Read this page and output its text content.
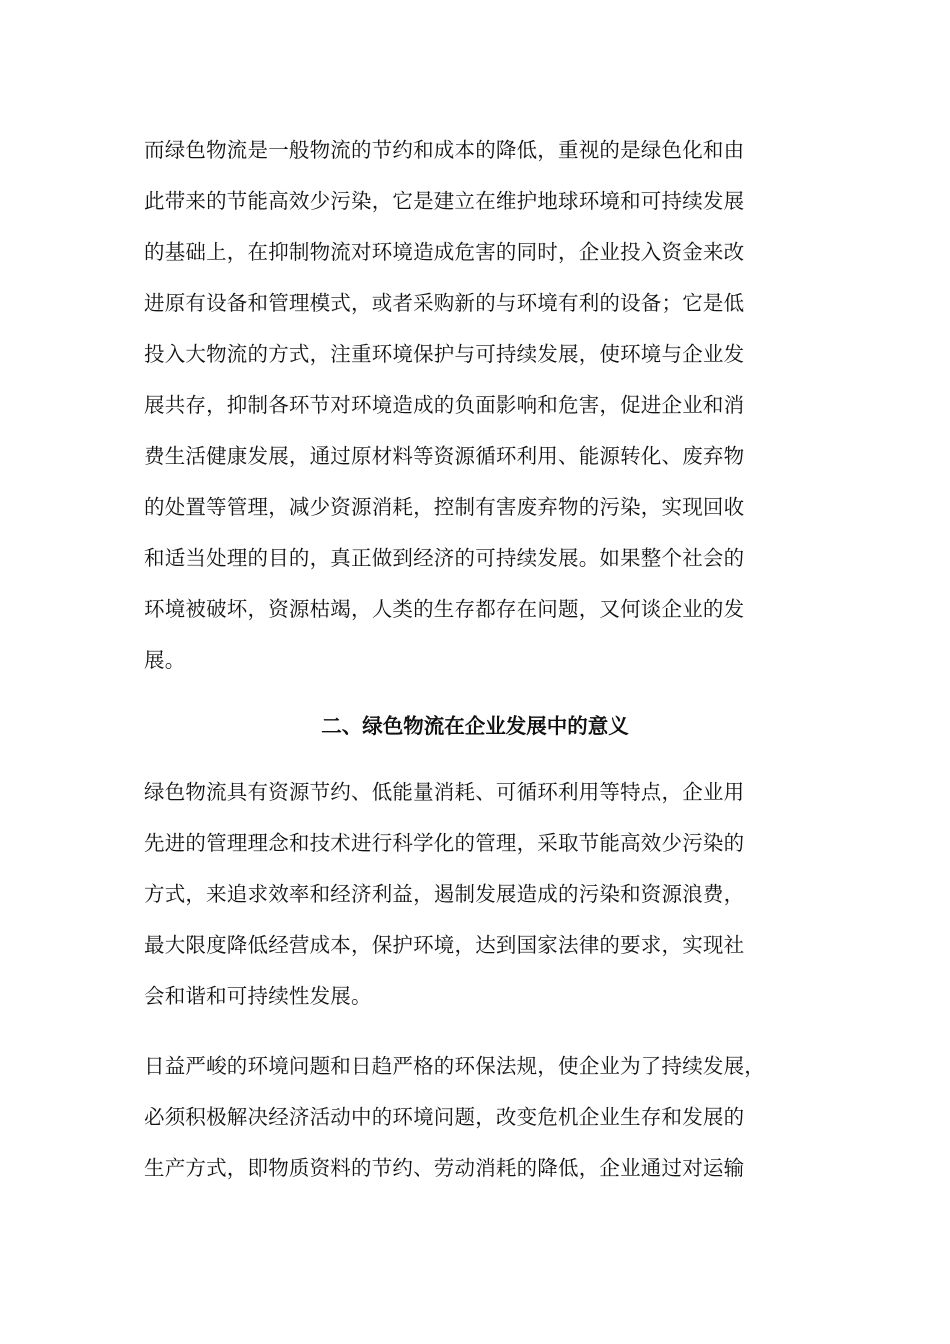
而绿色物流是一般物流的节约和成本的降低，重视的是绿色化和由
此带来的节能高效少污染，它是建立在维护地球环境和可持续发展
的基础上，在抑制物流对环境造成危害的同时，企业投入资金来改
进原有设备和管理模式，或者采购新的与环境有利的设备；它是低
投入大物流的方式，注重环境保护与可持续发展，使环境与企业发
展共存，抑制各环节对环境造成的负面影响和危害，促进企业和消
费生活健康发展，通过原材料等资源循环利用、能源转化、废弃物
的处置等管理，减少资源消耗，控制有害废弃物的污染，实现回收
和适当处理的目的，真正做到经济的可持续发展。如果整个社会的
环境被破坏，资源枯竭，人类的生存都存在问题，又何谈企业的发
展。
二、绿色物流在企业发展中的意义
绿色物流具有资源节约、低能量消耗、可循环利用等特点，企业用
先进的管理理念和技术进行科学化的管理，采取节能高效少污染的
方式，来追求效率和经济利益，遏制发展造成的污染和资源浪费，
最大限度降低经营成本，保护环境，达到国家法律的要求，实现社
会和谐和可持续性发展。
日益严峻的环境问题和日趋严格的环保法规，使企业为了持续发展，
必须积极解决经济活动中的环境问题，改变危机企业生存和发展的
生产方式，即物质资料的节约、劳动消耗的降低，企业通过对运输
